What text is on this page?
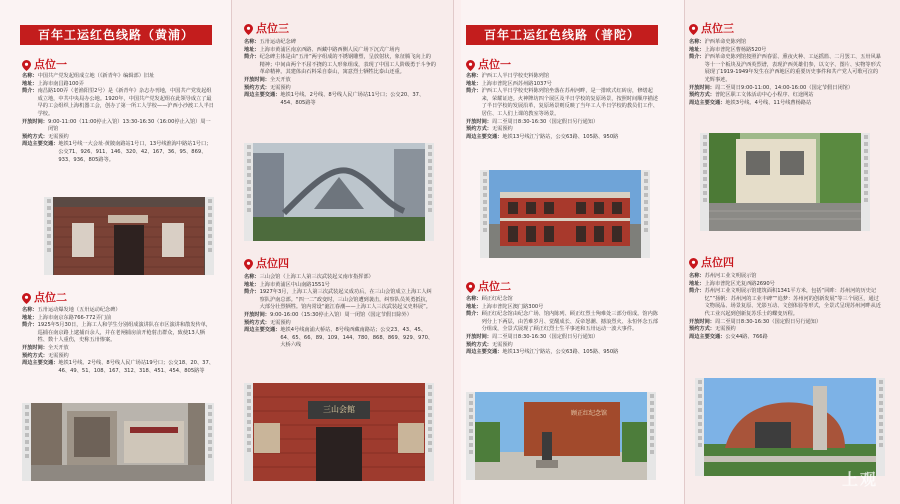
百年工运红色线路（黄浦）	百年工运红色线路（普陀）
点位一
名称： 中国共产党发起组成立地（《新青年》编辑部）旧址
地址： 上海市南昌路100弄
简介： 南昌路100弄（老渔阳里2号）是《新青年》杂志办刊地，中国共产党发起组成立地，中共中央局办公地。1920年，中国共产党发起组在此领导成立了最早的工会组织上海机器工会，创办了第一所工人学校——沪西小沙渡工人半日学校。
开放时间： 9:00-11:00（11:00停止入馆）13:30-16:30（16:00停止入馆）周一闭馆
预约方式： 无需预约
周边主要交通： 地铁1号线一大会址·黄陂南路站1号口，13号线淮海中路站1号口；公交71、926、911、146、320、42、167、36、95、869、933、936、805路等。
点位二
名称： 五卅运动爆发地（五卅运动纪念碑）
地址： 上海市南京东路766-772弄门前
简介： 1925年5月30日，上海工人和学生分别组成演讲队在市区演讲和散发传单，巡捕在南京路上逮捕百余人，并在老闸捕房前开枪射击群众，致使13人牺牲、数十人重伤，史称五卅惨案。
开放时间： 全天开放
预约方式： 无需预约
周边主要交通： 地铁1号线、2号线、8号线人民广场站19号口；公交18、20、37、46、49、51、108、167、312、318、451、454、805路等
点位三
名称： 五卅运动纪念碑
地址： 上海市黄浦区南京西路、西藏中路西侧人民广场下沉式广场内
简介： 纪念碑主体是由“五卅”两字组成的不锈钢雕塑，呈放射状，象征腾飞向上的精神；中间由两个不屈不挠的工人形象组成，表现了中国工人阶级勇于斗争的革命精神。其建体由石料采自泰山，寓意烈士牺牲比泰山还重。
开放时间： 全天开放
预约方式： 无需预约
周边主要交通： 地铁1号线、2号线、8号线人民广场站11号口；公交20、37、454、805路等
点位四
名称： 三山会馆（上海工人第三次武装起义南市指挥部）
地址： 上海市黄浦区中山南路1551号
简介： 1927年3月，上海工人第三次武装起义成功后，在三山会馆成立上海工人纠察队沪南总部。“四一二”政变时，三山会馆遭到袭击，纠察队员英勇抵抗，大部分壮烈牺牲。馆内常设“滬江春潮——上海工人三次武装起义史料展”。
开放时间： 9:00-16:00（15:30停止入馆）周一闭馆（国定节假日除外）
预约方式： 无需预约
周边主要交通： 地铁4号线南浦大桥站、8号线西藏南路站；公交23、43、45、64、65、66、89、109、144、780、868、869、929、970、大桥六线
三山会館
点位一
名称： 沪西工人半日学校史料陈列馆
地址： 上海市普陀区西苏州路1037号
简介： 沪西工人半日学校史料陈列馆坐落在苏州河畔，是一排欧式红砖房，修缮起来，荣耀证迹。火神牌坊四个展区及半日学校的复原场景，按照时间顺序描述了半日学校的发展沿革，复原场景则反映了当年工人半日学校的教员们工作、居住、工人们上课的教室等场景。
开放时间： 周二至周日8:30-16:30（国定假日另行通知）
预约方式： 无需预约
周边主要交通： 地铁13号线江宁路站，公交63路、105路、950路
点位二
名称： 顾正红纪念馆
地址： 上海市普陀区澳门路300号
简介： 顾正红纪念馆由纪念广场、馆内陈列、顾正红烈士殉难处三部分组成。馆内陈列分上下两层，由苦难岁月、觉醒成长、反帝怒潮、撼浪烈火、永恒怀念五部分组成，全景式展现了顾正红烈士生平事迹和五卅运动一波大事件。
开放时间： 周二至周日8:30-16:30（国定假日另行通知）
预约方式： 无需预约
周边主要交通： 地铁13号线江宁路站，公交63路、105路、950路
顾正红纪念馆
点位三
名称： 沪西革命史陈列馆
地址： 上海市普陀区曹杨路520号
简介： 沪西革命史陈列馆按照沪西春雷、熏夜火种、工运摇篮、二月罢工、五卅风暴等十一个板块及沪西英烈谱，表现沪西英雄们参，以文字、图片、实物等形式展现了1919-1949年发生在沪西地区的重要历史事件和共产党人可歌可泣的光辉事迹。
开放时间： 周二至周日9:00-11:00、14:00-16:00（国定节假日闭馆）
预约方式： 普陀区职工文体活动中心小程序、红途网站
周边主要交通： 地铁3号线、4号线、11号线曹杨路站
点位四
名称： 苏州河工业文明展示馆
地址： 上海市普陀区光复西路2690号
简介： 苏州河工业文明展示馆建筑面积1341平方米，包括“回眸：苏州河的历史记忆”“扬帆：苏州河的工业丰碑”“追梦：苏州河的创新发展”等三个展区，通过文物展品、场景复原、光影互动、文创体验等形式，全景式呈现苏州河畔从近代工业兴起到创新复苏乐士的蝶变历程。
开放时间： 周二至周日8:30-16:30（国定假日另行通知）
预约方式： 无需预约
周边主要交通： 公交44路、766路
上观
